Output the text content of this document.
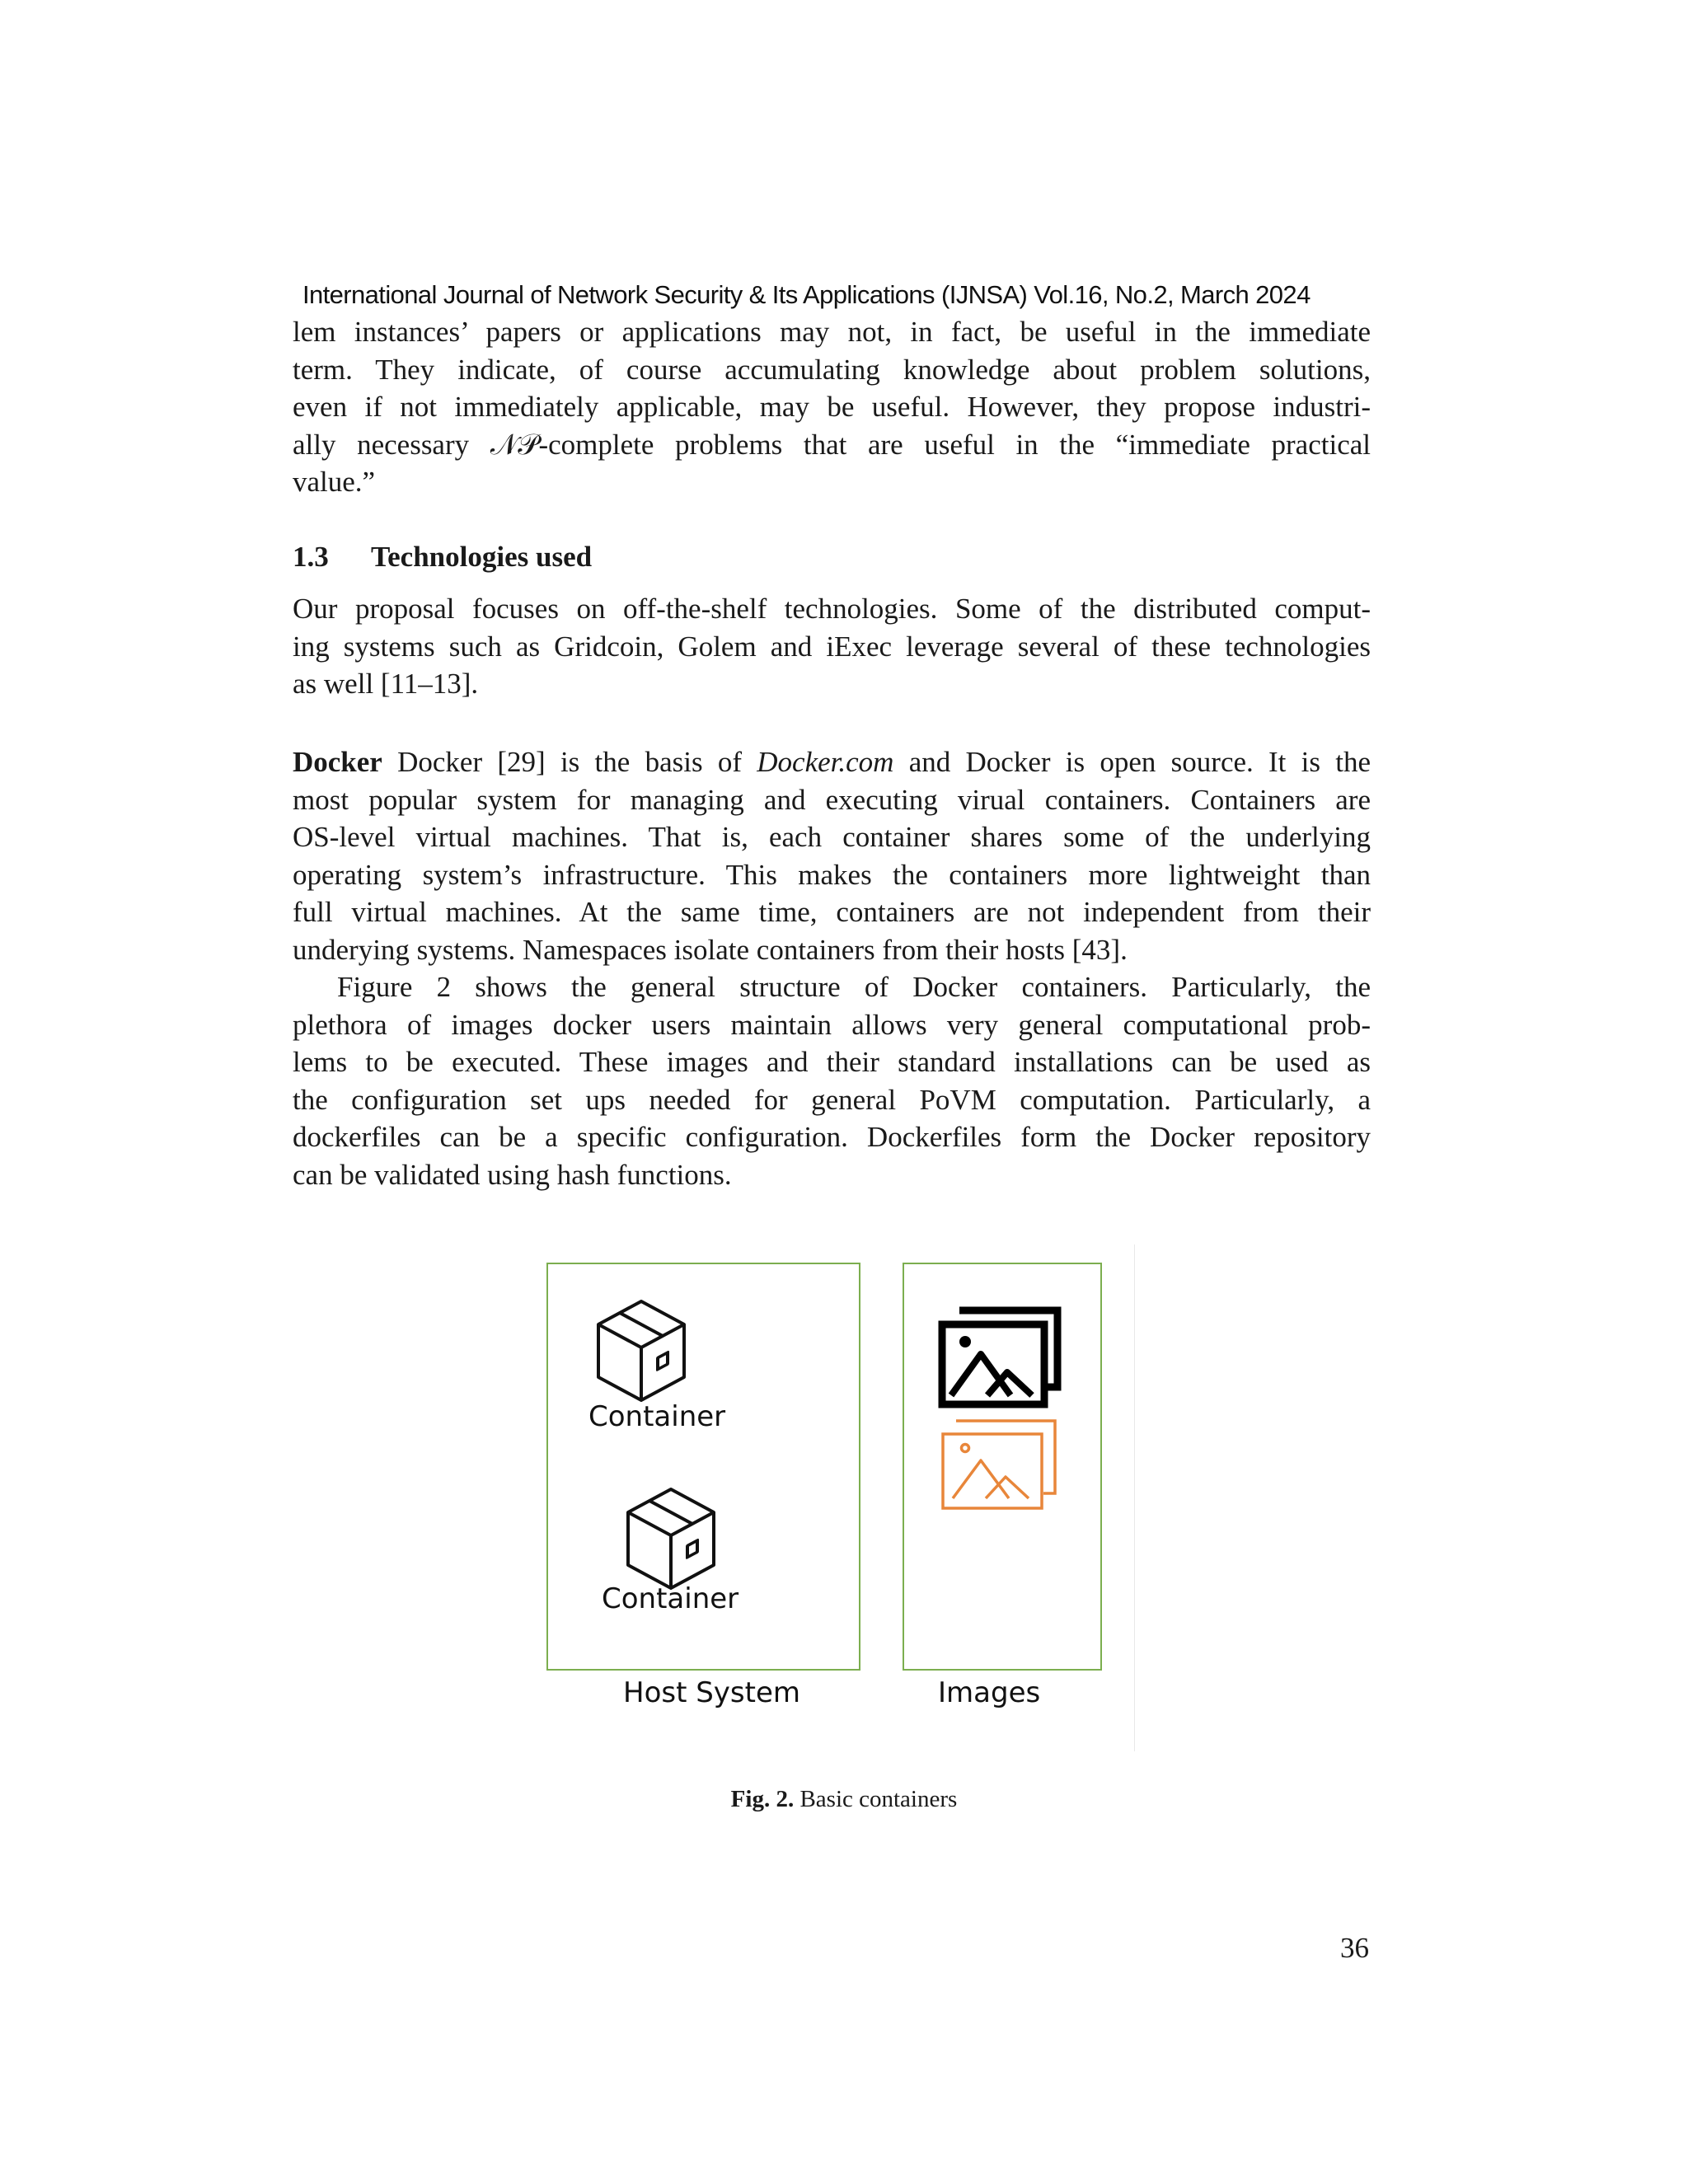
International Journal of Network Security & Its Applications (IJNSA) Vol.16, No.2, March 2024
lem instances’ papers or applications may not, in fact, be useful in the immediate
term. They indicate, of course accumulating knowledge about problem solutions,
even if not immediately applicable, may be useful. However, they propose industri-
ally necessary 𝒩𝒫-complete problems that are useful in the “immediate practical
value.”
1.3 Technologies used
Our proposal focuses on off-the-shelf technologies. Some of the distributed comput-
ing systems such as Gridcoin, Golem and iExec leverage several of these technologies
as well [11–13].
Docker Docker [29] is the basis of Docker.com and Docker is open source. It is the
most popular system for managing and executing virual containers. Containers are
OS-level virtual machines. That is, each container shares some of the underlying
operating system’s infrastructure. This makes the containers more lightweight than
full virtual machines. At the same time, containers are not independent from their
underying systems. Namespaces isolate containers from their hosts [43].
Figure 2 shows the general structure of Docker containers. Particularly, the
plethora of images docker users maintain allows very general computational prob-
lems to be executed. These images and their standard installations can be used as
the configuration set ups needed for general PoVM computation. Particularly, a
dockerfiles can be a specific configuration. Dockerfiles form the Docker repository
can be validated using hash functions.
Container
Container
Host System	Images
Fig. 2. Basic containers
36
